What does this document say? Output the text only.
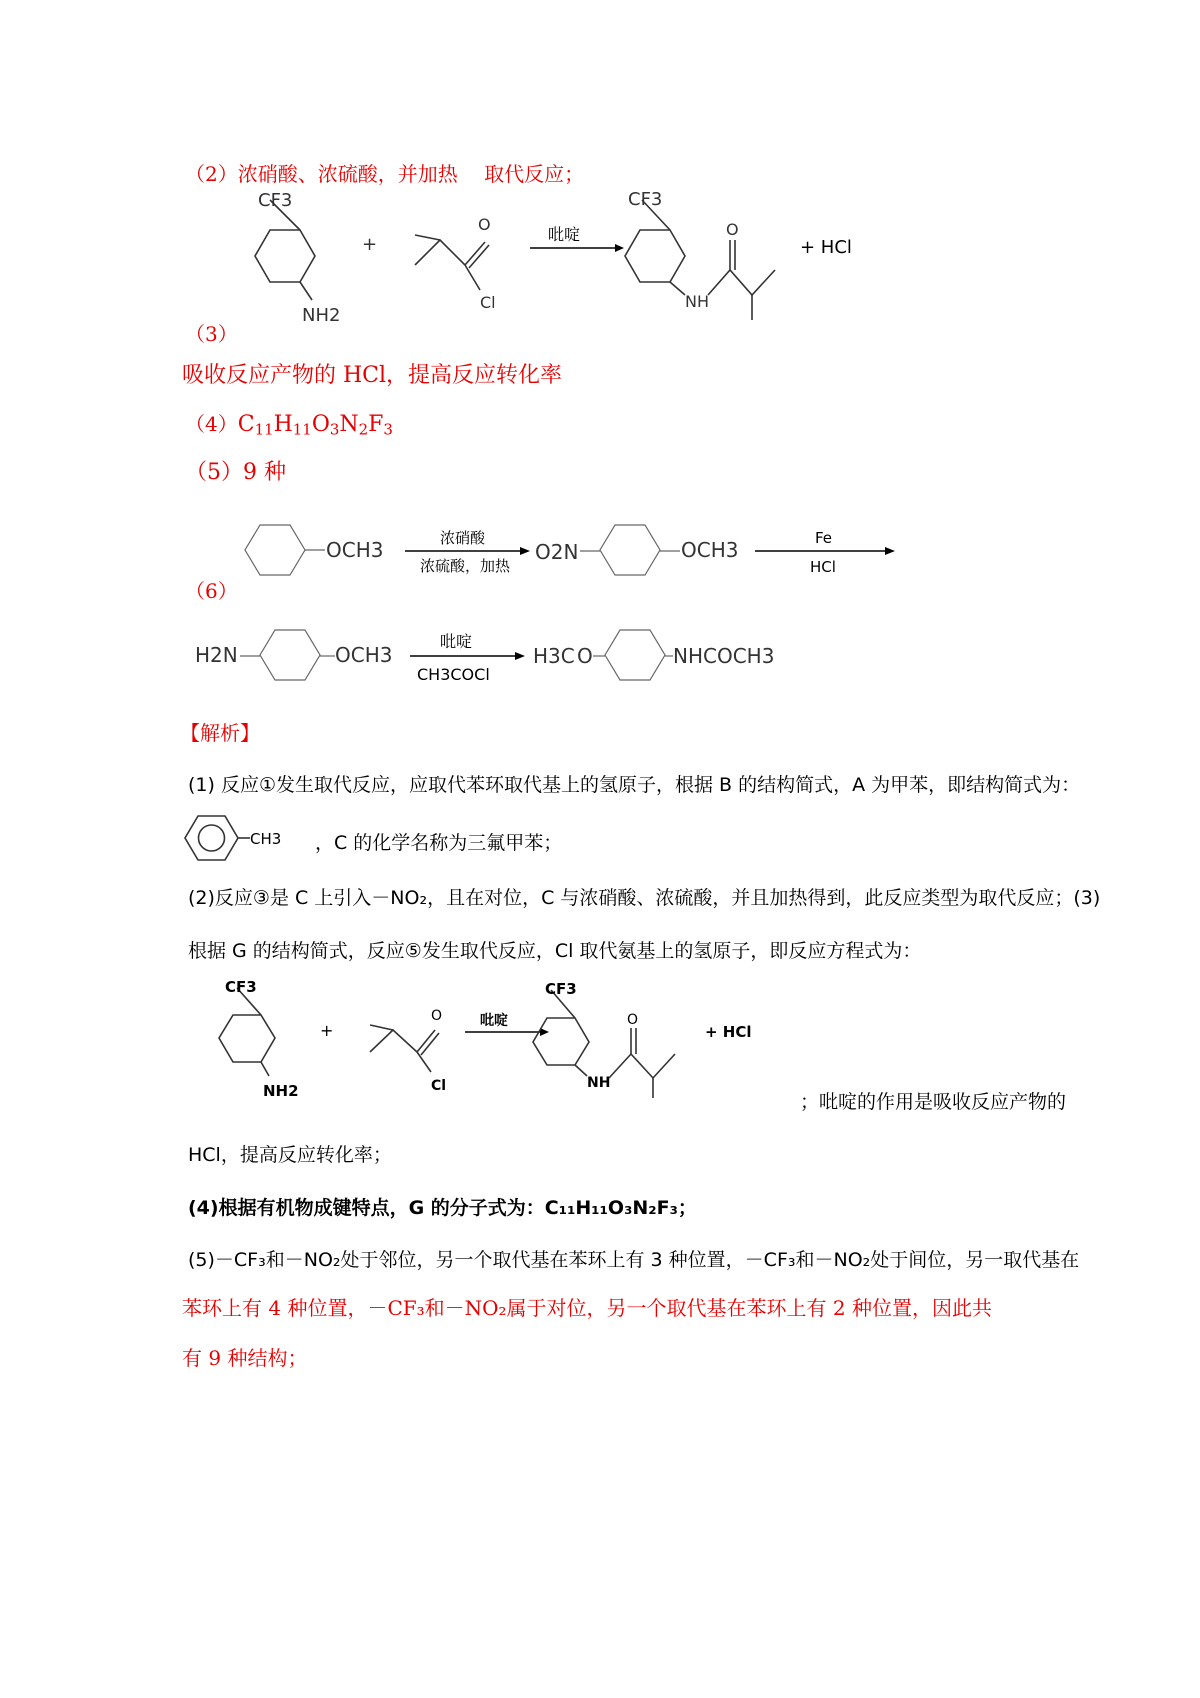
（2）浓硝酸、浓硫酸，并加热　 取代反应；
CF3
NH2
+
O
Cl
吡啶
CF3
NH
O
+ HCl
（3）
吸收反应产物的 HCl，提高反应转化率
$(4)C_{11}H_{11}O_3N_2F_3$
（5）9 种
OCH3	浓硝酸
浓硫酸，加热
O2N	OCH3	Fe
HCl
（6）
H2N	OCH3
吡啶
CH3COCl
H3C O	NHCOCH3
【解析】
(1) 反应①发生取代反应，应取代苯环取代基上的氢原子，根据 B 的结构简式，A 为甲苯，即结构简式为：
CH3 ，C 的化学名称为三氟甲苯；
(2)反应③是 C 上引入－NO₂，且在对位，C 与浓硝酸、浓硫酸，并且加热得到，此反应类型为取代反应；(3)
根据 G 的结构简式，反应⑤发生取代反应，Cl 取代氨基上的氢原子，即反应方程式为：
CF3
NH2
+
O
Cl
吡啶
CF3
NH
O
+ HCl
；吡啶的作用是吸收反应产物的
HCl，提高反应转化率；
(4)根据有机物成键特点，G 的分子式为：C₁₁H₁₁O₃N₂F₃；
(5)－CF₃和－NO₂处于邻位，另一个取代基在苯环上有 3 种位置，－CF₃和－NO₂处于间位，另一取代基在
苯环上有 4 种位置，－CF₃和－NO₂属于对位，另一个取代基在苯环上有 2 种位置，因此共
有 9 种结构；
